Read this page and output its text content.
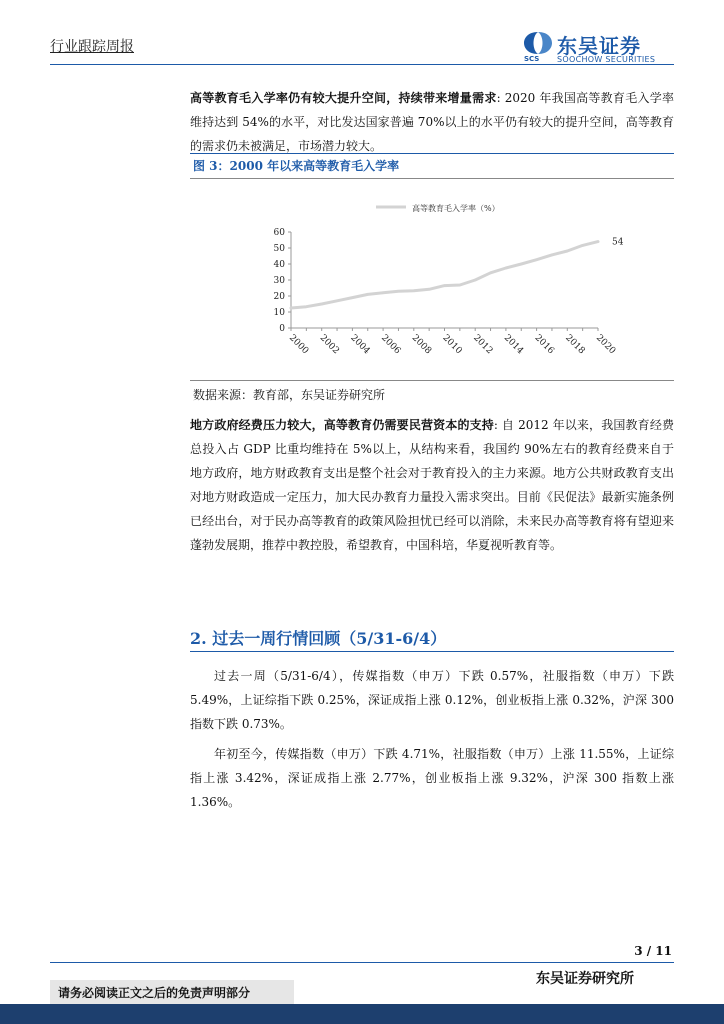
行业跟踪周报	东吴证券
SCS SOOCHOW SECURITIES
高等教育毛入学率仍有较大提升空间，持续带来增量需求: 2020 年我国高等教育毛入学率维持达到 54%的水平，对比发达国家普遍 70%以上的水平仍有较大的提升空间，高等教育的需求仍未被满足，市场潜力较大。
图 3：2000 年以来高等教育毛入学率
高等教育毛入学率（%）
0
10
20
30
40
50
60
2000 2002 2004 2006 2008 2010 2012 2014 2016 2018 2020
54
数据来源：教育部，东吴证券研究所
地方政府经费压力较大，高等教育仍需要民营资本的支持: 自 2012 年以来，我国教育经费总投入占 GDP 比重均维持在 5%以上，从结构来看，我国约 90%左右的教育经费来自于地方政府，地方财政教育支出是整个社会对于教育投入的主力来源。地方公共财政教育支出对地方财政造成一定压力，加大民办教育力量投入需求突出。目前《民促法》最新实施条例已经出台，对于民办高等教育的政策风险担忧已经可以消除，未来民办高等教育将有望迎来蓬勃发展期，推荐中教控股，希望教育，中国科培，华夏视听教育等。
2. 过去一周行情回顾（5/31-6/4）
过去一周（5/31-6/4），传媒指数（申万）下跌 0.57%，社服指数（申万）下跌 5.49%，上证综指下跌 0.25%，深证成指上涨 0.12%，创业板指上涨 0.32%，沪深 300 指数下跌 0.73%。
年初至今，传媒指数（申万）下跌 4.71%，社服指数（申万）上涨 11.55%，上证综指上涨 3.42%，深证成指上涨 2.77%，创业板指上涨 9.32%，沪深 300 指数上涨 1.36%。
3 / 11
东吴证券研究所
请务必阅读正文之后的免责声明部分
